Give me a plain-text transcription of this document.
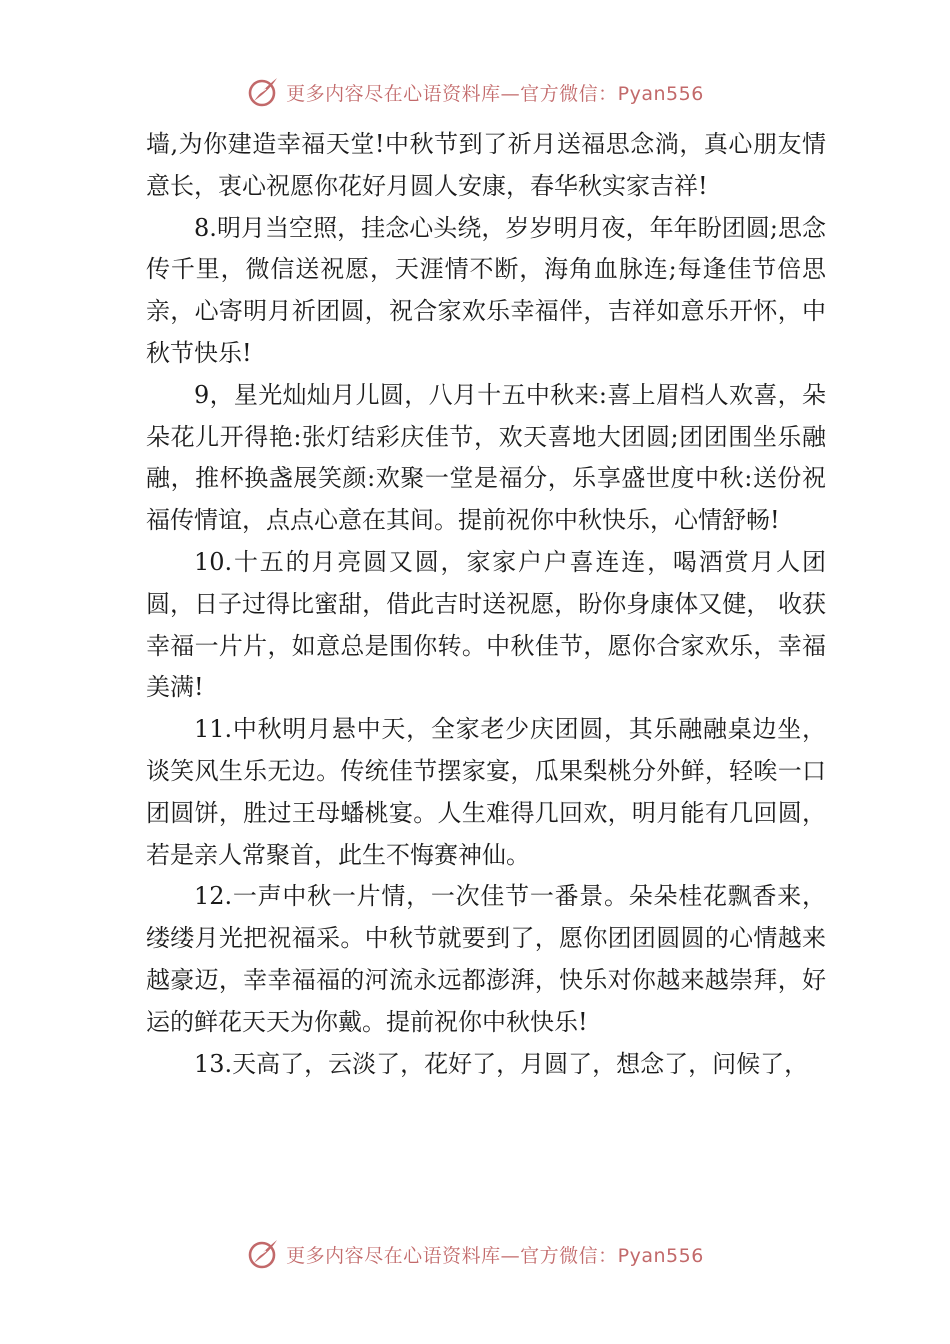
更多内容尽在心语资料库—官方微信：Pyan556

墙,为你建造幸福天堂!中秋节到了祈月送福思念淌，真心朋友情意长，衷心祝愿你花好月圆人安康，春华秋实家吉祥!

8.明月当空照，挂念心头绕，岁岁明月夜，年年盼团圆;思念传千里，微信送祝愿，天涯情不断，海角血脉连;每逢佳节倍思亲，心寄明月祈团圆，祝合家欢乐幸福伴，吉祥如意乐开怀，中秋节快乐!

9，星光灿灿月儿圆，八月十五中秋来:喜上眉档人欢喜，朵朵花儿开得艳:张灯结彩庆佳节，欢天喜地大团圆;团团围坐乐融融，推杯换盏展笑颜:欢聚一堂是福分，乐享盛世度中秋:送份祝福传情谊，点点心意在其间。提前祝你中秋快乐，心情舒畅!

10.十五的月亮圆又圆，家家户户喜连连，喝酒赏月人团圆，日子过得比蜜甜，借此吉时送祝愿，盼你身康体又健， 收获幸福一片片，如意总是围你转。中秋佳节，愿你合家欢乐，幸福美满!

11.中秋明月悬中天，全家老少庆团圆，其乐融融桌边坐，谈笑风生乐无边。传统佳节摆家宴，瓜果梨桃分外鲜，轻唉一口团圆饼，胜过王母蟠桃宴。人生难得几回欢，明月能有几回圆，若是亲人常聚首，此生不悔赛神仙。

12.一声中秋一片情，一次佳节一番景。朵朵桂花飘香来，缕缕月光把祝福采。中秋节就要到了，愿你团团圆圆的心情越来越豪迈，幸幸福福的河流永远都澎湃，快乐对你越来越崇拜，好运的鲜花天天为你戴。提前祝你中秋快乐!

13.天高了，云淡了，花好了，月圆了，想念了，问候了，

更多内容尽在心语资料库—官方微信：Pyan556
